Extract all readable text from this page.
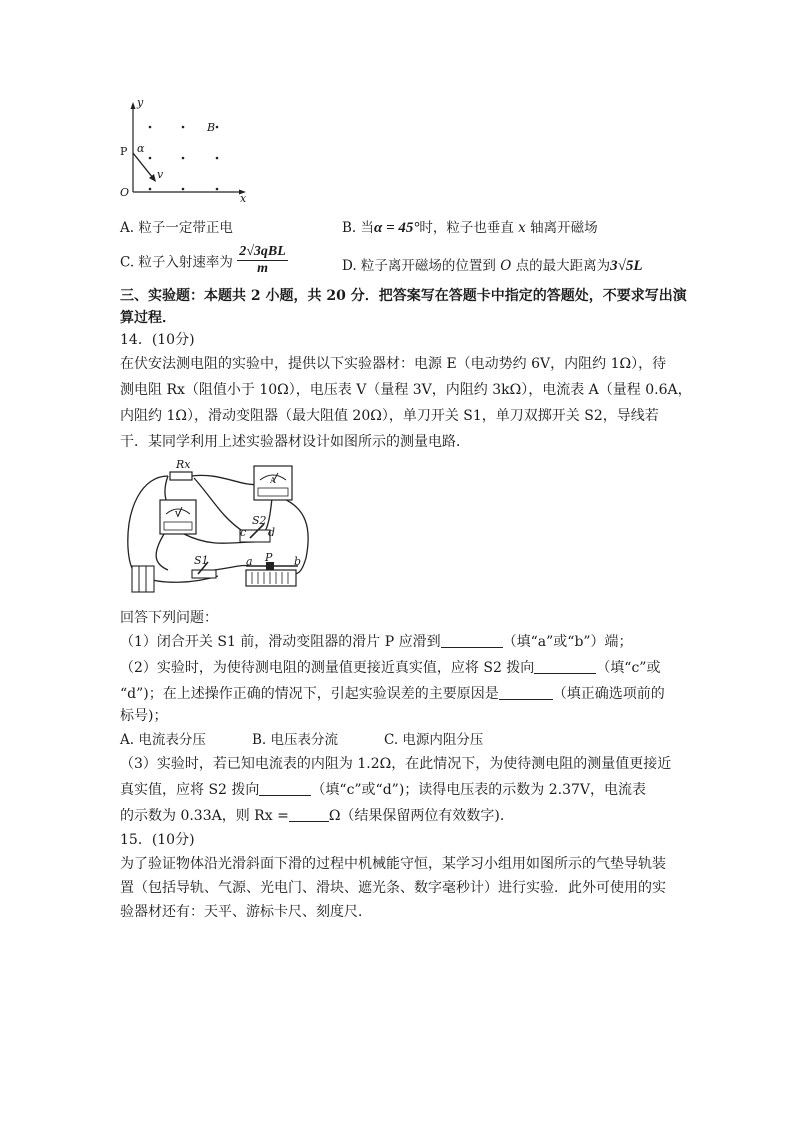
y
x
O
P
B
α
v
A. 粒子一定带正电	B. 当α = 45°时，粒子也垂直 x 轴离开磁场
C. 粒子入射速率为 $\frac{\text{2√3qBL}}{m}$	D. 粒子离开磁场的位置到 O 点的最大距离为3√5L
三、实验题：本题共 2 小题，共 20 分．把答案写在答题卡中指定的答题处，不要求写出演
算过程．
14．(10分)
在伏安法测电阻的实验中，提供以下实验器材：电源 E（电动势约 6V，内阻约 1Ω），待
测电阻 Rx（阻值小于 10Ω），电压表 V（量程 3V，内阻约 3kΩ），电流表 A（量程 0.6A，
内阻约 1Ω），滑动变阻器（最大阻值 20Ω），单刀开关 S1，单刀双掷开关 S2，导线若
干．某同学利用上述实验器材设计如图所示的测量电路．
Rx
A
V	S2
c d
S1	a P b
回答下列问题：
（1）闭合开关 S1 前，滑动变阻器的滑片 P 应滑到	（填“a”或“b”）端；
（2）实验时，为使待测电阻的测量值更接近真实值，应将 S2 拨向	（填“c”或
“d”)；在上述操作正确的情况下，引起实验误差的主要原因是	（填正确选项前的
标号)；
A. 电流表分压	B. 电压表分流	C. 电源内阻分压
（3）实验时，若已知电流表的内阻为 1.2Ω，在此情况下，为使待测电阻的测量值更接近
真实值，应将 S2 拨向	（填“c”或“d”)；读得电压表的示数为 2.37V，电流表
的示数为 0.33A，则 Rx =	Ω（结果保留两位有效数字)．
15．(10分)
为了验证物体沿光滑斜面下滑的过程中机械能守恒，某学习小组用如图所示的气垫导轨装
置（包括导轨、气源、光电门、滑块、遮光条、数字毫秒计）进行实验．此外可使用的实
验器材还有：天平、游标卡尺、刻度尺．
